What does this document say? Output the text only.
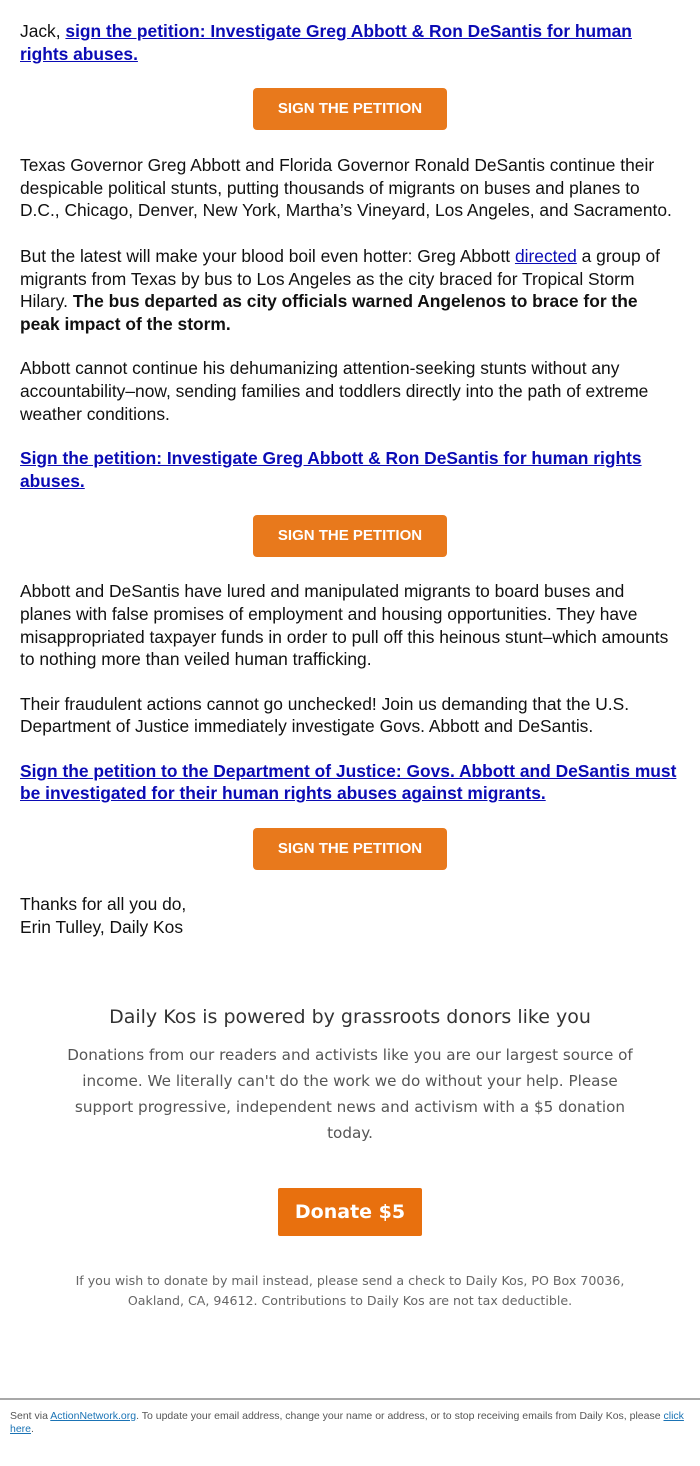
Jack, sign the petition: Investigate Greg Abbott & Ron DeSantis for human rights abuses.

SIGN THE PETITION

Texas Governor Greg Abbott and Florida Governor Ronald DeSantis continue their despicable political stunts, putting thousands of migrants on buses and planes to D.C., Chicago, Denver, New York, Martha’s Vineyard, Los Angeles, and Sacramento.

But the latest will make your blood boil even hotter: Greg Abbott directed a group of migrants from Texas by bus to Los Angeles as the city braced for Tropical Storm Hilary. The bus departed as city officials warned Angelenos to brace for the peak impact of the storm.

Abbott cannot continue his dehumanizing attention-seeking stunts without any accountability–now, sending families and toddlers directly into the path of extreme weather conditions.

Sign the petition: Investigate Greg Abbott & Ron DeSantis for human rights abuses.

SIGN THE PETITION

Abbott and DeSantis have lured and manipulated migrants to board buses and planes with false promises of employment and housing opportunities. They have misappropriated taxpayer funds in order to pull off this heinous stunt–which amounts to nothing more than veiled human trafficking.

Their fraudulent actions cannot go unchecked! Join us demanding that the U.S. Department of Justice immediately investigate Govs. Abbott and DeSantis.

Sign the petition to the Department of Justice: Govs. Abbott and DeSantis must be investigated for their human rights abuses against migrants.

SIGN THE PETITION

Thanks for all you do,
Erin Tulley, Daily Kos

Daily Kos is powered by grassroots donors like you
Donations from our readers and activists like you are our largest source of income. We literally can't do the work we do without your help. Please support progressive, independent news and activism with a $5 donation today.
Donate $5
If you wish to donate by mail instead, please send a check to Daily Kos, PO Box 70036, Oakland, CA, 94612. Contributions to Daily Kos are not tax deductible.
Sent via ActionNetwork.org. To update your email address, change your name or address, or to stop receiving emails from Daily Kos, please click here.
